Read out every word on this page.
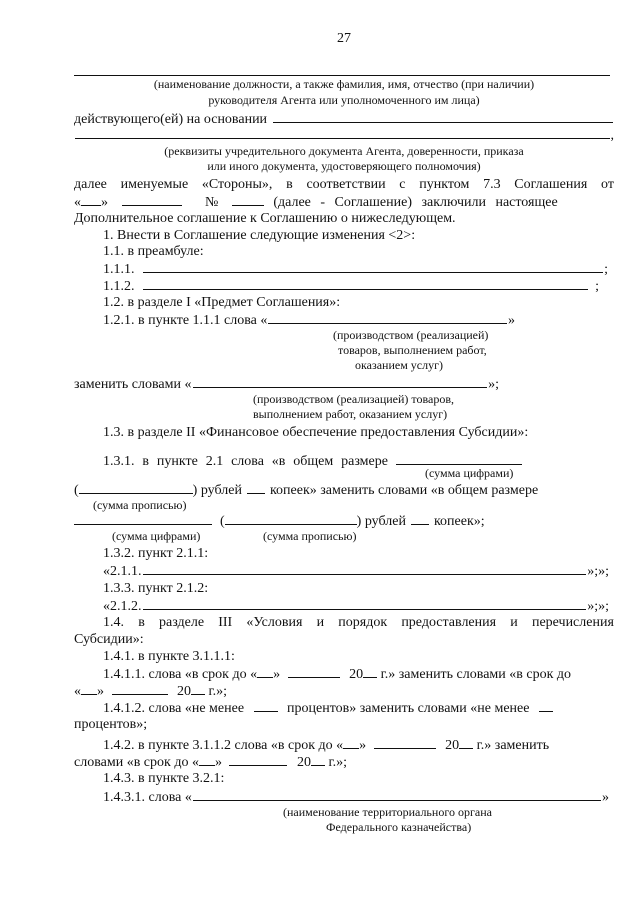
27
(наименование должности, а также фамилия, имя, отчество (при наличии)
руководителя Агента или уполномоченного им лица)
действующего(ей) на основании
,
(реквизиты учредительного документа Агента, доверенности, приказа
или иного документа, удостоверяющего полномочия)
далее именуемые «Стороны», в соответствии с пунктом 7.3 Соглашения от
« »	№	(далее - Соглашение) заключили настоящее
Дополнительное соглашение к Соглашению о нижеследующем.
1. Внести в Соглашение следующие изменения <2>:
1.1. в преамбуле:
1.1.1.	;
1.1.2.	;
1.2. в разделе I «Предмет Соглашения»:
1.2.1. в пункте 1.1.1 слова «	»
(производством (реализацией)
товаров, выполнением работ,
оказанием услуг)
заменить словами «	»;
(производством (реализацией) товаров,
выполнением работ, оказанием услуг)
1.3. в разделе II «Финансовое обеспечение предоставления Субсидии»:
1.3.1. в пункте 2.1 слова «в общем размере
(сумма цифрами)
(	) рублей копеек» заменить словами «в общем размере
(сумма прописью)
(	) рублей копеек»;
(сумма цифрами)	(сумма прописью)
1.3.2. пункт 2.1.1:
«2.1.1.	»;»;
1.3.3. пункт 2.1.2:
«2.1.2.	»;»;
1.4. в разделе III «Условия и порядок предоставления и перечисления
Субсидии»:
1.4.1. в пункте 3.1.1.1:
1.4.1.1. слова «в срок до « »	20 г.» заменить словами «в срок до
« »	20 г.»;
1.4.1.2. слова «не менее	процентов» заменить словами «не менее
процентов»;
1.4.2. в пункте 3.1.1.2 слова «в срок до « »	20 г.» заменить
словами «в срок до « »	20 г.»;
1.4.3. в пункте 3.2.1:
1.4.3.1. слова «	»
(наименование территориального органа
Федерального казначейства)
